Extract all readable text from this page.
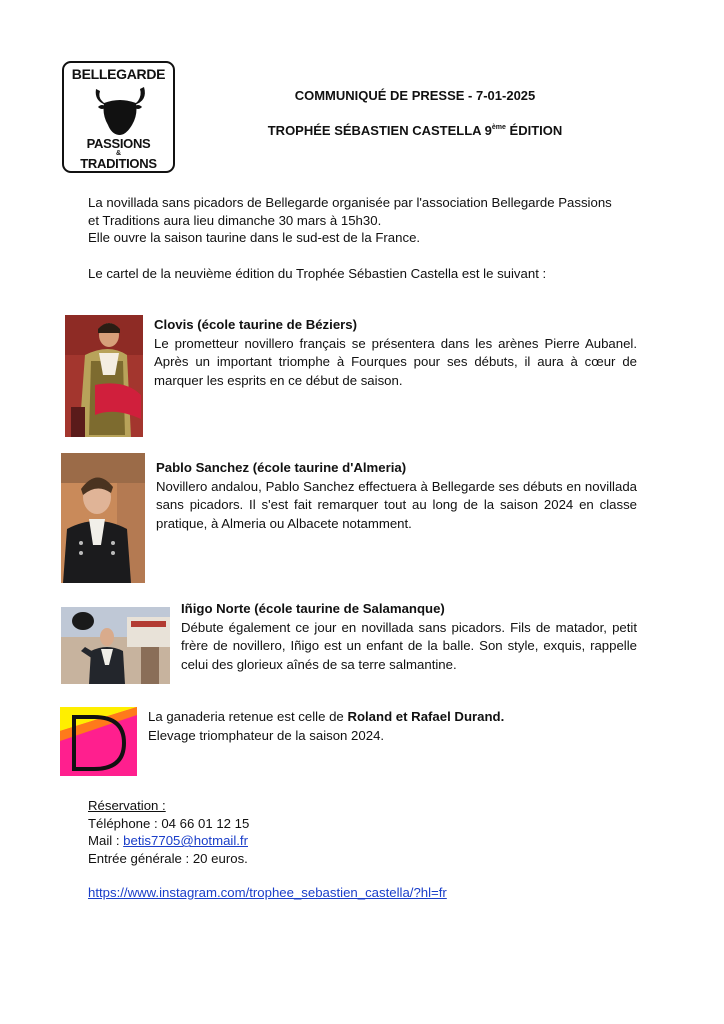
BELLEGARDE
PASSIONS
&
TRADITIONS
COMMUNIQUÉ DE PRESSE - 7-01-2025
TROPHÉE SÉBASTIEN CASTELLA 9ème ÉDITION
La novillada sans picadors de Bellegarde organisée par l'association Bellegarde Passions
et Traditions aura lieu dimanche 30 mars à 15h30.
Elle ouvre la saison taurine dans le sud-est de la France.
Le cartel de la neuvième édition du Trophée Sébastien Castella est le suivant :
Clovis (école taurine de Béziers)
Le prometteur novillero français se présentera dans les arènes Pierre Aubanel. Après un important triomphe à Fourques pour ses débuts, il aura à cœur de marquer les esprits en ce début de saison.
Pablo Sanchez (école taurine d'Almeria)
Novillero andalou, Pablo Sanchez effectuera à Bellegarde ses débuts en novillada sans picadors. Il s'est fait remarquer tout au long de la saison 2024 en classe pratique, à Almeria ou Albacete notamment.
Iñigo Norte (école taurine de Salamanque)
Débute également ce jour en novillada sans picadors. Fils de matador, petit frère de novillero, Iñigo est un enfant de la balle. Son style, exquis, rappelle celui des glorieux aînés de sa terre salmantine.
La ganaderia retenue est celle de Roland et Rafael Durand.
Elevage triomphateur de la saison 2024.
Réservation :
Téléphone : 04 66 01 12 15
Mail : betis7705@hotmail.fr
Entrée générale : 20 euros.
https://www.instagram.com/trophee_sebastien_castella/?hl=fr
